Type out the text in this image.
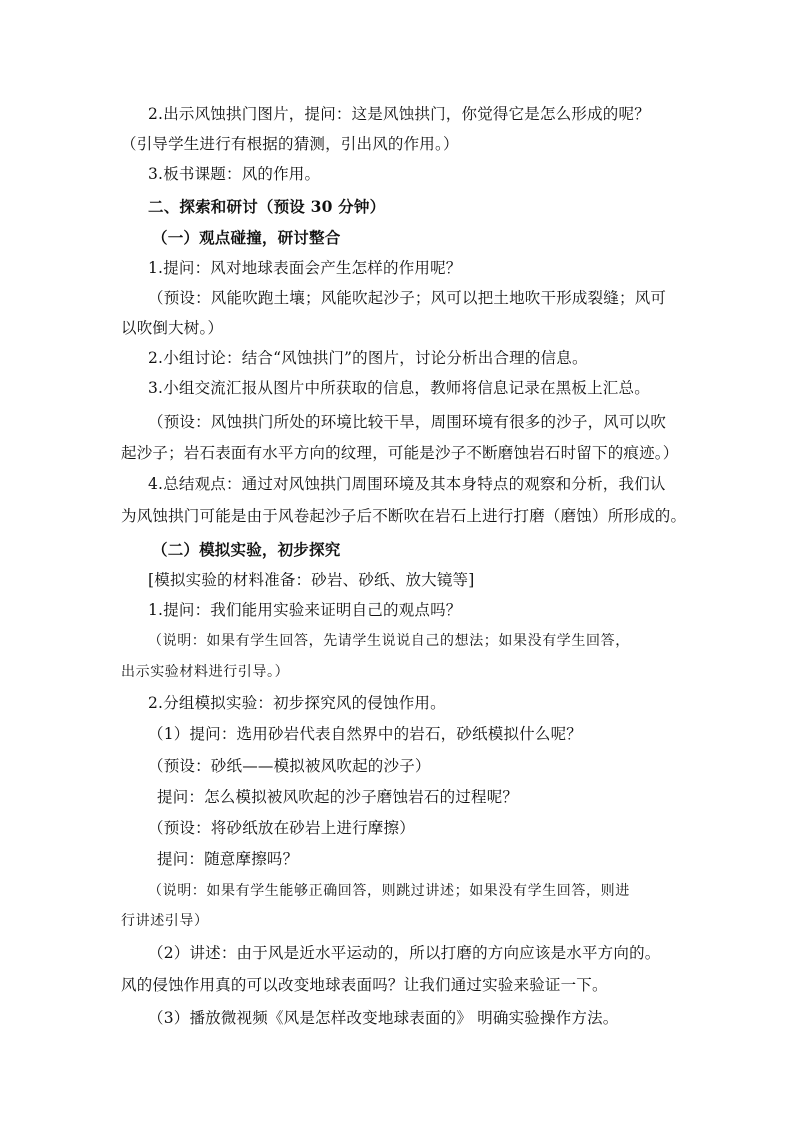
2.出示风蚀拱门图片，提问：这是风蚀拱门，你觉得它是怎么形成的呢？

（引导学生进行有根据的猜测，引出风的作用。）

3.板书课题：风的作用。

二、探索和研讨（预设 30 分钟）

（一）观点碰撞，研讨整合

1.提问：风对地球表面会产生怎样的作用呢？

（预设：风能吹跑土壤；风能吹起沙子；风可以把土地吹干形成裂缝；风可

以吹倒大树。）

2.小组讨论：结合“风蚀拱门”的图片，讨论分析出合理的信息。

3.小组交流汇报从图片中所获取的信息，教师将信息记录在黑板上汇总。

（预设：风蚀拱门所处的环境比较干旱，周围环境有很多的沙子，风可以吹

起沙子；岩石表面有水平方向的纹理，可能是沙子不断磨蚀岩石时留下的痕迹。）

4.总结观点：通过对风蚀拱门周围环境及其本身特点的观察和分析，我们认

为风蚀拱门可能是由于风卷起沙子后不断吹在岩石上进行打磨（磨蚀）所形成的。

（二）模拟实验，初步探究

[模拟实验的材料准备：砂岩、砂纸、放大镜等]

1.提问：我们能用实验来证明自己的观点吗？

（说明：如果有学生回答，先请学生说说自己的想法；如果没有学生回答，

出示实验材料进行引导。）

2.分组模拟实验：初步探究风的侵蚀作用。

（1）提问：选用砂岩代表自然界中的岩石，砂纸模拟什么呢？

（预设：砂纸——模拟被风吹起的沙子）

提问：怎么模拟被风吹起的沙子磨蚀岩石的过程呢？

（预设：将砂纸放在砂岩上进行摩擦）

提问：随意摩擦吗？

（说明：如果有学生能够正确回答，则跳过讲述；如果没有学生回答，则进

行讲述引导）

（2）讲述：由于风是近水平运动的，所以打磨的方向应该是水平方向的。

风的侵蚀作用真的可以改变地球表面吗？让我们通过实验来验证一下。

（3）播放微视频《风是怎样改变地球表面的》 明确实验操作方法。
